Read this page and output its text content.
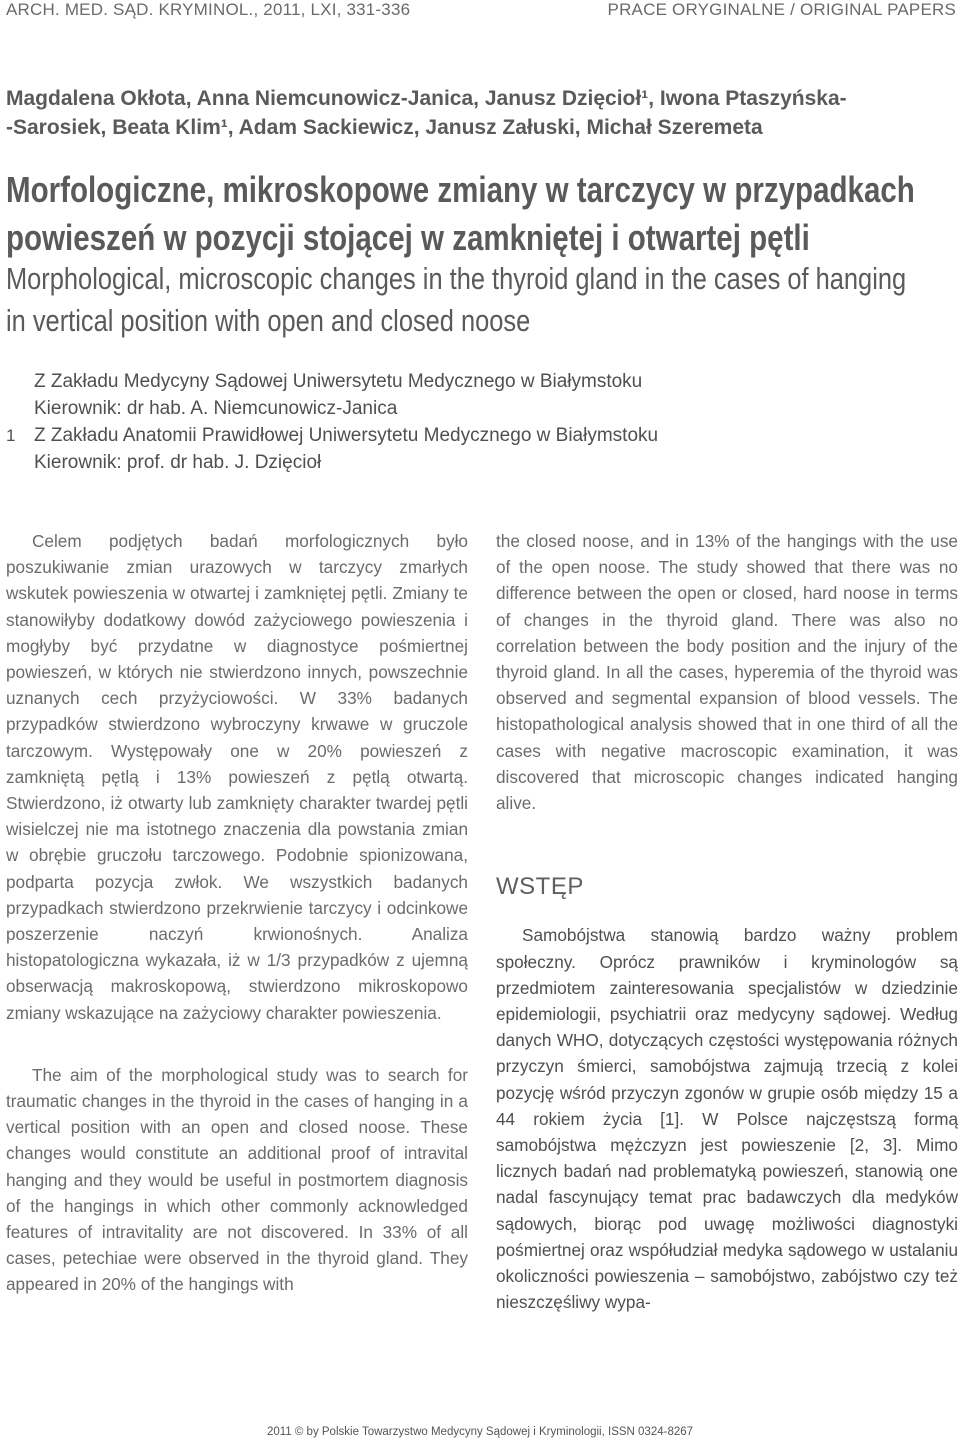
ARCH. MED. SĄD. KRYMINOL., 2011, LXI, 331-336	PRACE ORYGINALNE / ORIGINAL PAPERS
Magdalena Okłota, Anna Niemcunowicz-Janica, Janusz Dzięcioł¹, Iwona Ptaszyńska-
-Sarosiek, Beata Klim¹, Adam Sackiewicz, Janusz Załuski, Michał Szeremeta
Morfologiczne, mikroskopowe zmiany w tarczycy w przypadkach
powieszeń w pozycji stojącej w zamkniętej i otwartej pętli
Morphological, microscopic changes in the thyroid gland in the cases of hanging
in vertical position with open and closed noose
Z Zakładu Medycyny Sądowej Uniwersytetu Medycznego w Białymstoku
Kierownik: dr hab. A. Niemcunowicz-Janica
1 Z Zakładu Anatomii Prawidłowej Uniwersytetu Medycznego w Białymstoku
Kierownik: prof. dr hab. J. Dzięcioł

Celem podjętych badań morfologicznych było poszukiwanie zmian urazowych w tarczycy zmarłych wskutek powieszenia w otwartej i zamkniętej pętli. Zmiany te stanowiłyby dodatkowy dowód zażyciowego powieszenia i mogłyby być przydatne w diagnostyce pośmiertnej powieszeń, w których nie stwierdzono innych, powszechnie uznanych cech przyżyciowości. W 33% badanych przypadków stwierdzono wybroczyny krwawe w gruczole tarczowym. Występowały one w 20% powieszeń z zamkniętą pętlą i 13% powieszeń z pętlą otwartą. Stwierdzono, iż otwarty lub zamknięty charakter twardej pętli wisielczej nie ma istotnego znaczenia dla powstania zmian w obrębie gruczołu tarczowego. Podobnie spionizowana, podparta pozycja zwłok. We wszystkich badanych przypadkach stwierdzono przekrwienie tarczycy i odcinkowe poszerzenie naczyń krwionośnych. Analiza histopatologiczna wykazała, iż w 1/3 przypadków z ujemną obserwacją makroskopową, stwierdzono mikroskopowo zmiany wskazujące na zażyciowy charakter powieszenia.

The aim of the morphological study was to search for traumatic changes in the thyroid in the cases of hanging in a vertical position with an open and closed noose. These changes would constitute an additional proof of intravital hanging and they would be useful in postmortem diagnosis of the hangings in which other commonly acknowledged features of intravitality are not discovered. In 33% of all cases, petechiae were observed in the thyroid gland. They appeared in 20% of the hangings with

the closed noose, and in 13% of the hangings with the use of the open noose. The study showed that there was no difference between the open or closed, hard noose in terms of changes in the thyroid gland. There was also no correlation between the body position and the injury of the thyroid gland. In all the cases, hyperemia of the thyroid was observed and segmental expansion of blood vessels. The histopathological analysis showed that in one third of all the cases with negative macroscopic examination, it was discovered that microscopic changes indicated hanging alive.

WSTĘP

Samobójstwa stanowią bardzo ważny problem społeczny. Oprócz prawników i kryminologów są przedmiotem zainteresowania specjalistów w dziedzinie epidemiologii, psychiatrii oraz medycyny sądowej. Według danych WHO, dotyczących częstości występowania różnych przyczyn śmierci, samobójstwa zajmują trzecią z kolei pozycję wśród przyczyn zgonów w grupie osób między 15 a 44 rokiem życia [1]. W Polsce najczęstszą formą samobójstwa mężczyzn jest powieszenie [2, 3]. Mimo licznych badań nad problematyką powieszeń, stanowią one nadal fascynujący temat prac badawczych dla medyków sądowych, biorąc pod uwagę możliwości diagnostyki pośmiertnej oraz współudział medyka sądowego w ustalaniu okoliczności powieszenia – samobójstwo, zabójstwo czy też nieszczęśliwy wypa-

2011 © by Polskie Towarzystwo Medycyny Sądowej i Kryminologii, ISSN 0324-8267
